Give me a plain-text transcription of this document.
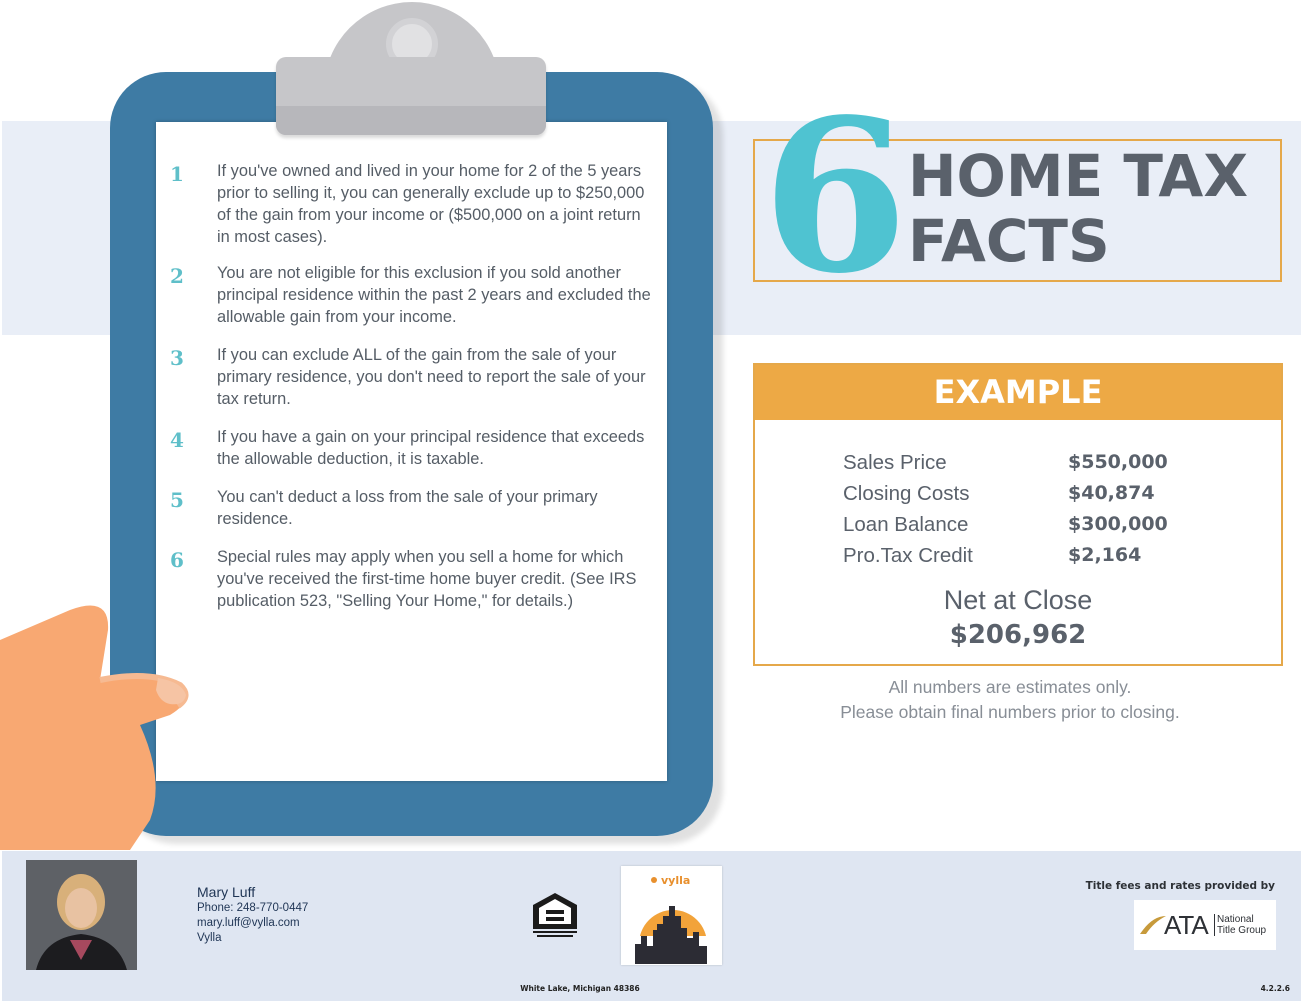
1	If you've owned and lived in your home for 2 of the 5 years prior to selling it, you can generally exclude up to $250,000 of the gain from your income or ($500,000 on a joint return in most cases).
2	You are not eligible for this exclusion if you sold another principal residence within the past 2 years and excluded the allowable gain from your income.
3	If you can exclude ALL of the gain from the sale of your primary residence, you don't need to report the sale of your tax return.
4	If you have a gain on your principal residence that exceeds the allowable deduction, it is taxable.
5	You can't deduct a loss from the sale of your primary residence.
6	Special rules may apply when you sell a home for which you've received the first-time home buyer credit. (See IRS publication 523, "Selling Your Home," for details.)
6 HOME TAX
FACTS
EXAMPLE
Sales Price	$550,000
Closing Costs	$40,874
Loan Balance	$300,000
Pro.Tax Credit	$2,164
Net at Close
$206,962
All numbers are estimates only.
Please obtain final numbers prior to closing.
Mary Luff
Phone: 248-770-0447
mary.luff@vylla.com
Vylla
vylla	Title fees and rates provided by
ATA National
Title Group
White Lake, Michigan 48386	4.2.2.6
